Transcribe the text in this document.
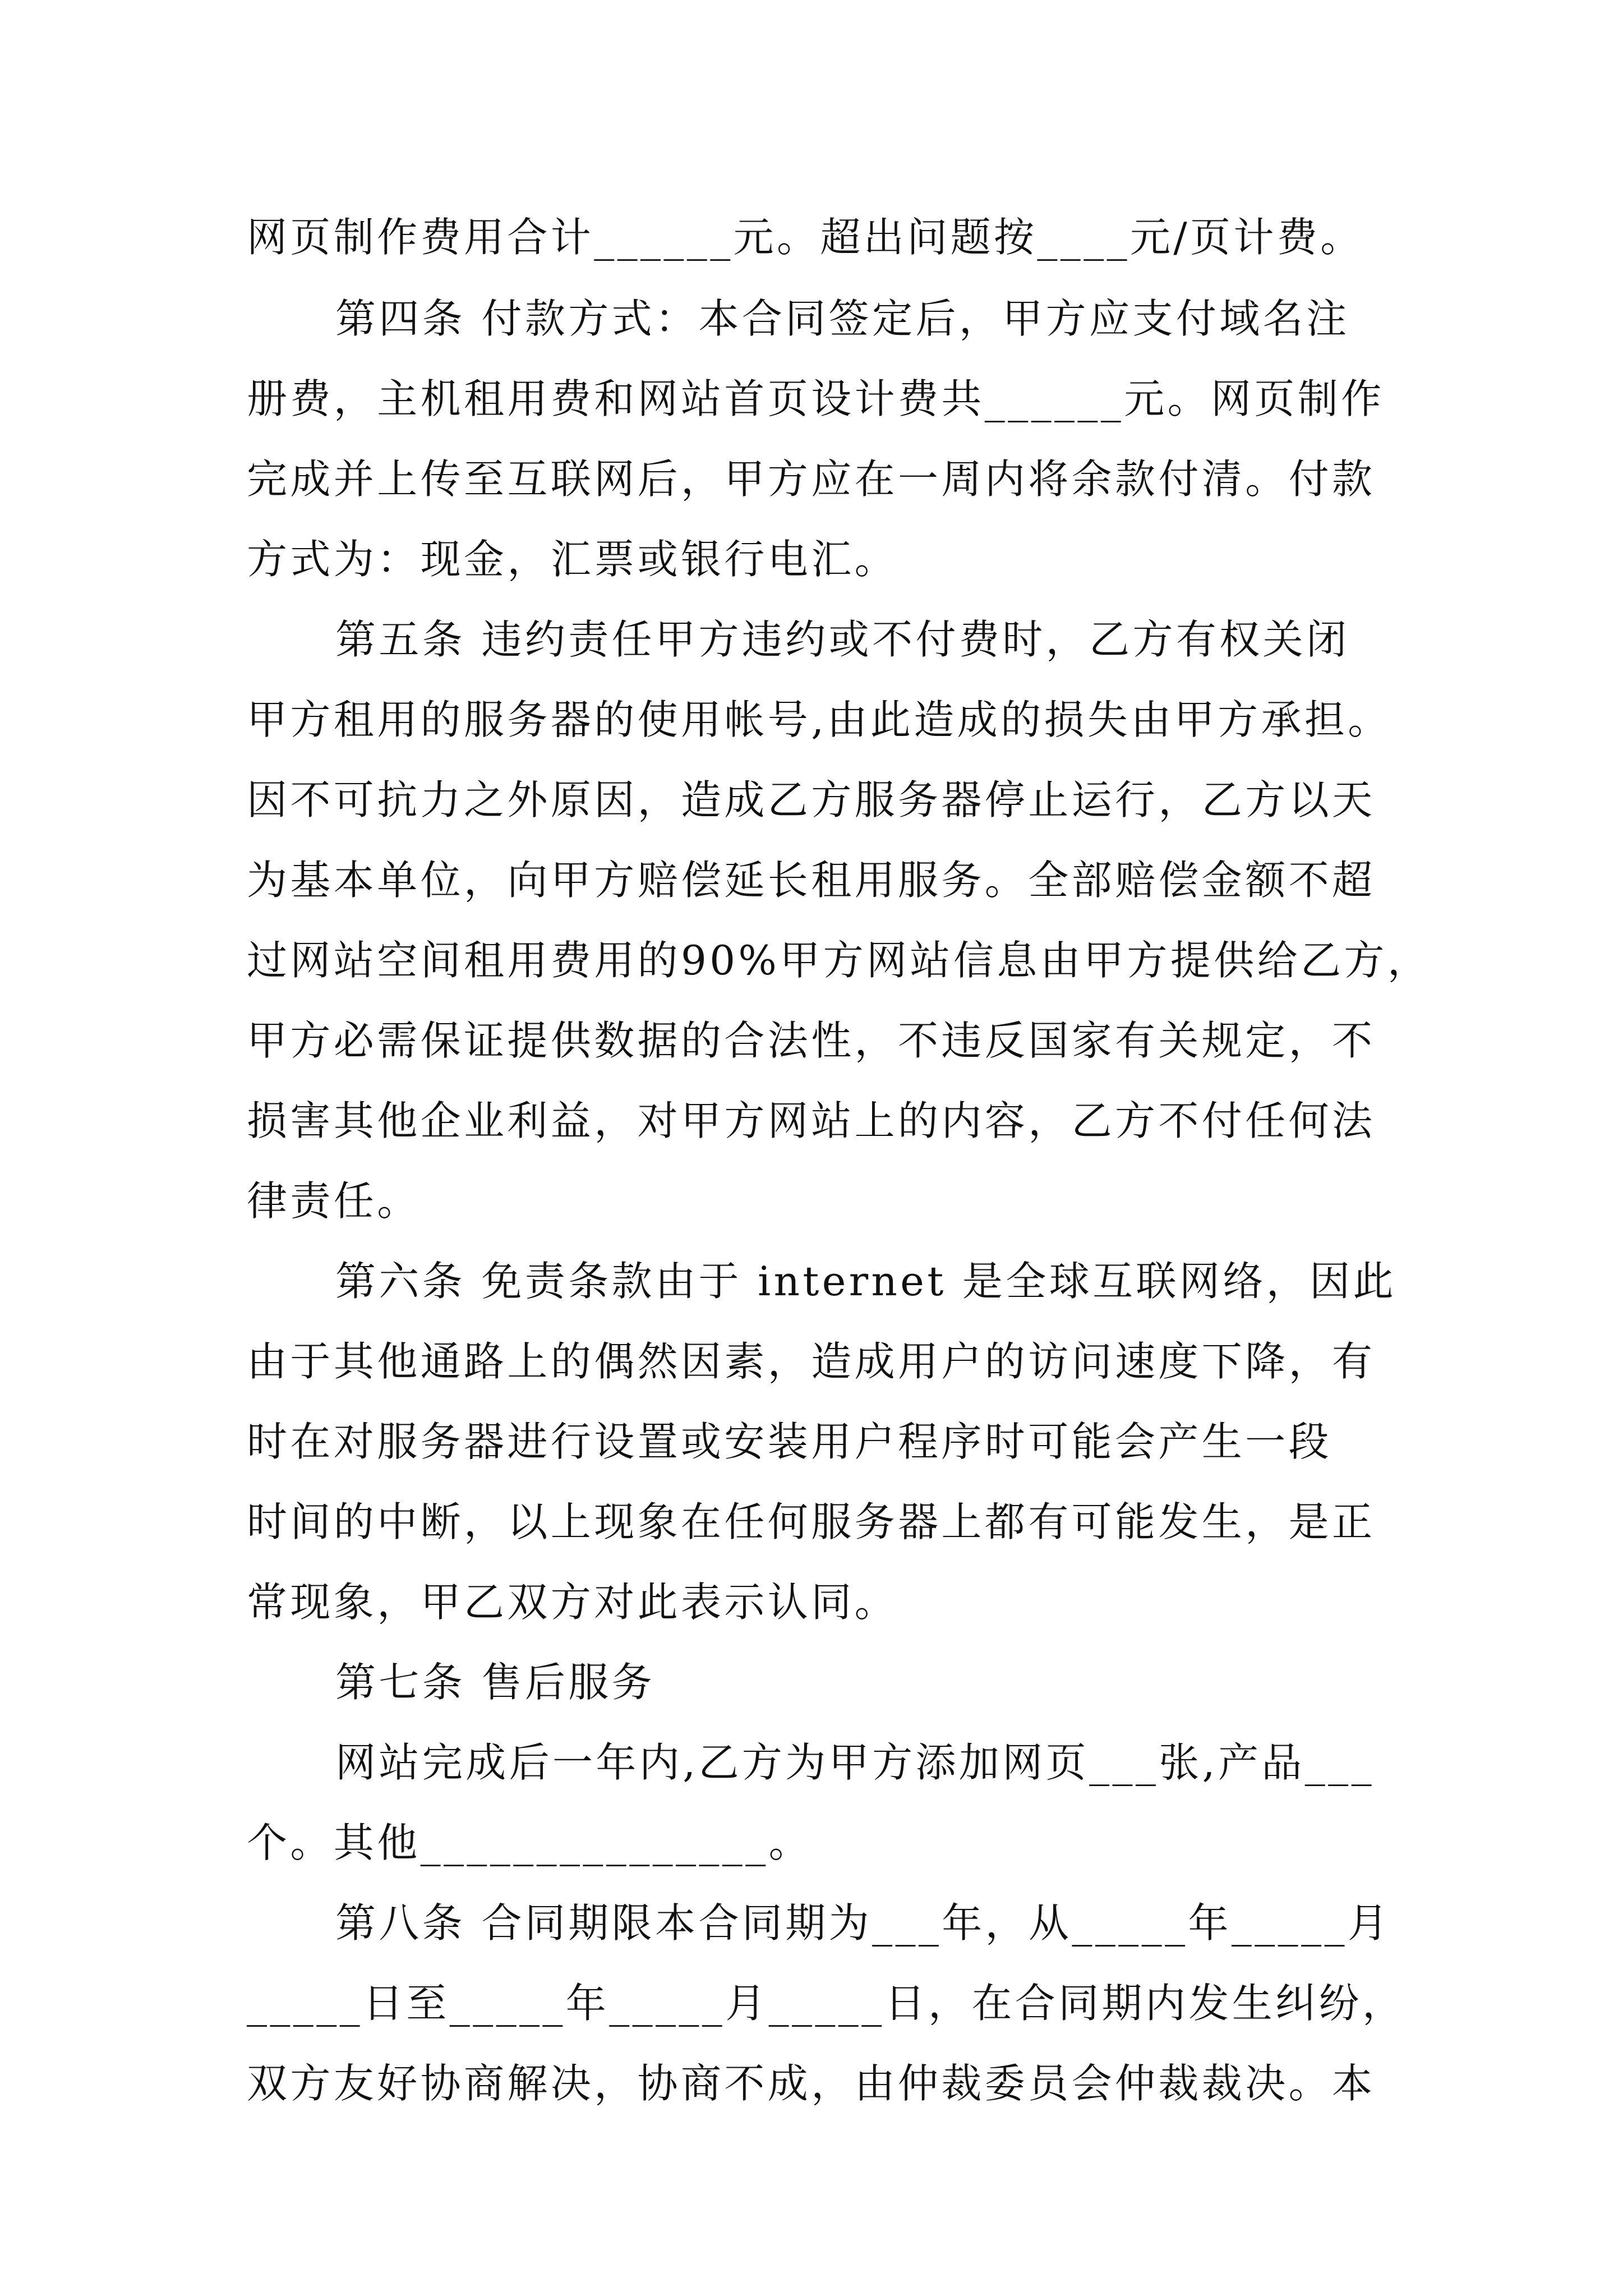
网页制作费用合计______元。超出问题按____元/页计费。
第四条 付款方式：本合同签定后，甲方应支付域名注
册费，主机租用费和网站首页设计费共______元。网页制作
完成并上传至互联网后，甲方应在一周内将余款付清。付款
方式为：现金，汇票或银行电汇。
第五条 违约责任甲方违约或不付费时，乙方有权关闭
甲方租用的服务器的使用帐号,由此造成的损失由甲方承担。
因不可抗力之外原因，造成乙方服务器停止运行，乙方以天
为基本单位，向甲方赔偿延长租用服务。全部赔偿金额不超
过网站空间租用费用的90%甲方网站信息由甲方提供给乙方，
甲方必需保证提供数据的合法性，不违反国家有关规定，不
损害其他企业利益，对甲方网站上的内容，乙方不付任何法
律责任。
第六条 免责条款由于 internet 是全球互联网络，因此
由于其他通路上的偶然因素，造成用户的访问速度下降，有
时在对服务器进行设置或安装用户程序时可能会产生一段
时间的中断，以上现象在任何服务器上都有可能发生，是正
常现象，甲乙双方对此表示认同。
第七条 售后服务
网站完成后一年内,乙方为甲方添加网页___张,产品___
个。其他_______________。
第八条 合同期限本合同期为___年，从_____年_____月
_____日至_____年_____月_____日，在合同期内发生纠纷，
双方友好协商解决，协商不成，由仲裁委员会仲裁裁决。本
